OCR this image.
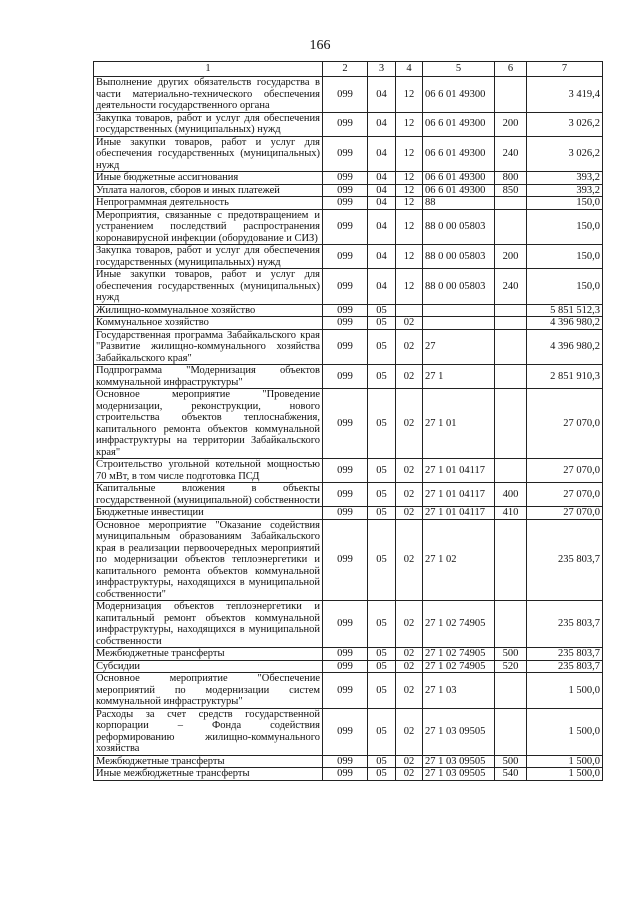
166
1	2	3	4	5	6	7
Выполнение других обязательств государства в части материально-технического обеспечения деятельности государственного органа	099	04	12	06 6 01 49300		3 419,4
Закупка товаров, работ и услуг для обеспечения государственных (муниципальных) нужд	099	04	12	06 6 01 49300	200	3 026,2
Иные закупки товаров, работ и услуг для обеспечения государственных (муниципальных) нужд	099	04	12	06 6 01 49300	240	3 026,2
Иные бюджетные ассигнования	099	04	12	06 6 01 49300	800	393,2
Уплата налогов, сборов и иных платежей	099	04	12	06 6 01 49300	850	393,2
Непрограммная деятельность	099	04	12	88		150,0
Мероприятия, связанные с предотвращением и устранением последствий распространения коронавирусной инфекции (оборудование и СИЗ)	099	04	12	88 0 00 05803		150,0
Закупка товаров, работ и услуг для обеспечения государственных (муниципальных) нужд	099	04	12	88 0 00 05803	200	150,0
Иные закупки товаров, работ и услуг для обеспечения государственных (муниципальных) нужд	099	04	12	88 0 00 05803	240	150,0
Жилищно-коммунальное хозяйство	099	05				5 851 512,3
Коммунальное хозяйство	099	05	02			4 396 980,2
Государственная программа Забайкальского края "Развитие жилищно-коммунального хозяйства Забайкальского края"	099	05	02	27		4 396 980,2
Подпрограмма "Модернизация объектов коммунальной инфраструктуры"	099	05	02	27 1		2 851 910,3
Основное мероприятие "Проведение модернизации, реконструкции, нового строительства объектов теплоснабжения, капитального ремонта объектов коммунальной инфраструктуры на территории Забайкальского края"	099	05	02	27 1 01		27 070,0
Строительство угольной котельной мощностью 70 мВт, в том числе подготовка ПСД	099	05	02	27 1 01 04117		27 070,0
Капитальные вложения в объекты государственной (муниципальной) собственности	099	05	02	27 1 01 04117	400	27 070,0
Бюджетные инвестиции	099	05	02	27 1 01 04117	410	27 070,0
Основное мероприятие "Оказание содействия муниципальным образованиям Забайкальского края в реализации первоочередных мероприятий по модернизации объектов теплоэнергетики и капитального ремонта объектов коммунальной инфраструктуры, находящихся в муниципальной собственности"	099	05	02	27 1 02		235 803,7
Модернизация объектов теплоэнергетики и капитальный ремонт объектов коммунальной инфраструктуры, находящихся в муниципальной собственности	099	05	02	27 1 02 74905		235 803,7
Межбюджетные трансферты	099	05	02	27 1 02 74905	500	235 803,7
Субсидии	099	05	02	27 1 02 74905	520	235 803,7
Основное мероприятие "Обеспечение мероприятий по модернизации систем коммунальной инфраструктуры"	099	05	02	27 1 03		1 500,0
Расходы за счет средств государственной корпорации – Фонда содействия реформированию жилищно-коммунального хозяйства	099	05	02	27 1 03 09505		1 500,0
Межбюджетные трансферты	099	05	02	27 1 03 09505	500	1 500,0
Иные межбюджетные трансферты	099	05	02	27 1 03 09505	540	1 500,0
